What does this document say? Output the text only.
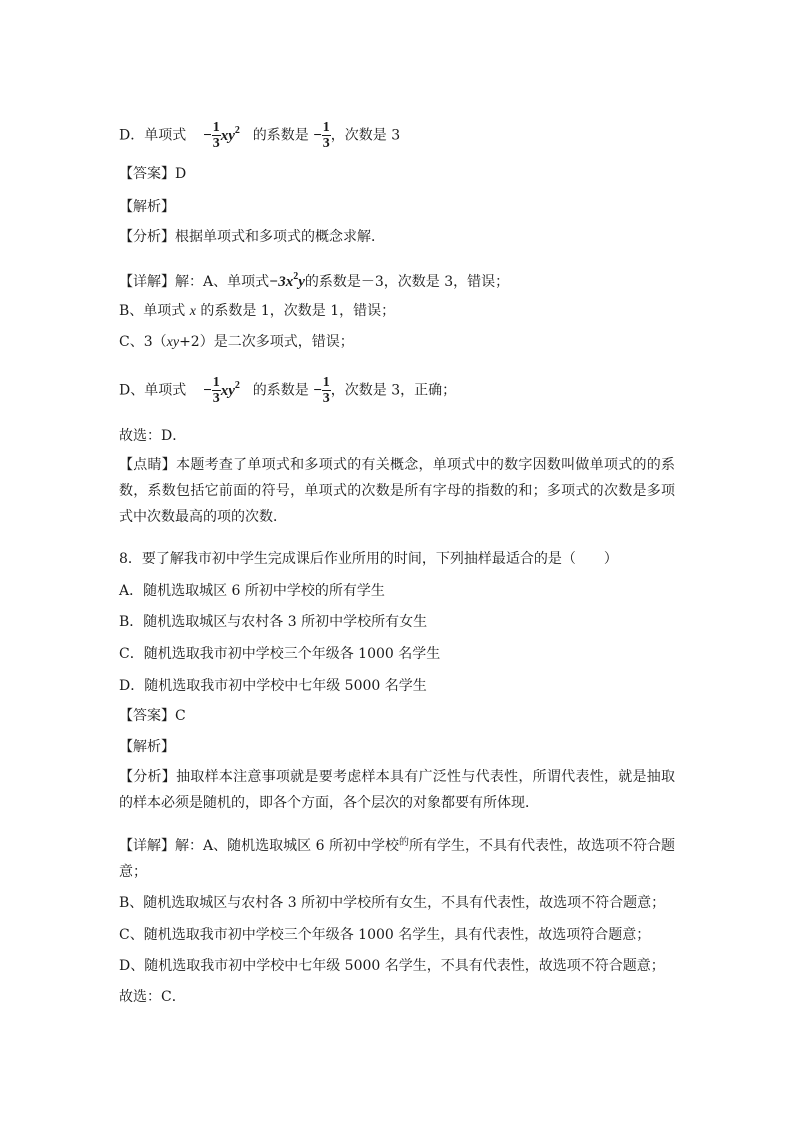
D．单项式 − $\frac{1}{3} xy^2$ 的系数是 − $\frac{1}{3}$ ，次数是 3
【答案】D
【解析】
【分析】根据单项式和多项式的概念求解．
【详解】解：A、单项式$-3x^2y$的系数是－3，次数是 3，错误；
B、单项式 x 的系数是 1，次数是 1，错误；
C、3（xy+2）是二次多项式，错误；
D、单项式 − $\frac{1}{3} xy^2$ 的系数是 − $\frac{1}{3}$ ，次数是 3，正确；
故选：D．
【点睛】本题考查了单项式和多项式的有关概念，单项式中的数字因数叫做单项式的的系数，系数包括它前面的符号，单项式的次数是所有字母的指数的和；多项式的次数是多项式中次数最高的项的次数．
8．要了解我市初中学生完成课后作业所用的时间，下列抽样最适合的是（　　）
A．随机选取城区 6 所初中学校的所有学生
B．随机选取城区与农村各 3 所初中学校所有女生
C．随机选取我市初中学校三个年级各 1000 名学生
D．随机选取我市初中学校中七年级 5000 名学生
【答案】C
【解析】
【分析】抽取样本注意事项就是要考虑样本具有广泛性与代表性，所谓代表性，就是抽取的样本必须是随机的，即各个方面，各个层次的对象都要有所体现．
【详解】解：A、随机选取城区 6 所初中学校$^的$所有学生，不具有代表性，故选项不符合题意；
B、随机选取城区与农村各 3 所初中学校所有女生，不具有代表性，故选项不符合题意；
C、随机选取我市初中学校三个年级各 1000 名学生，具有代表性，故选项符合题意；
D、随机选取我市初中学校中七年级 5000 名学生，不具有代表性，故选项不符合题意；
故选：C．
